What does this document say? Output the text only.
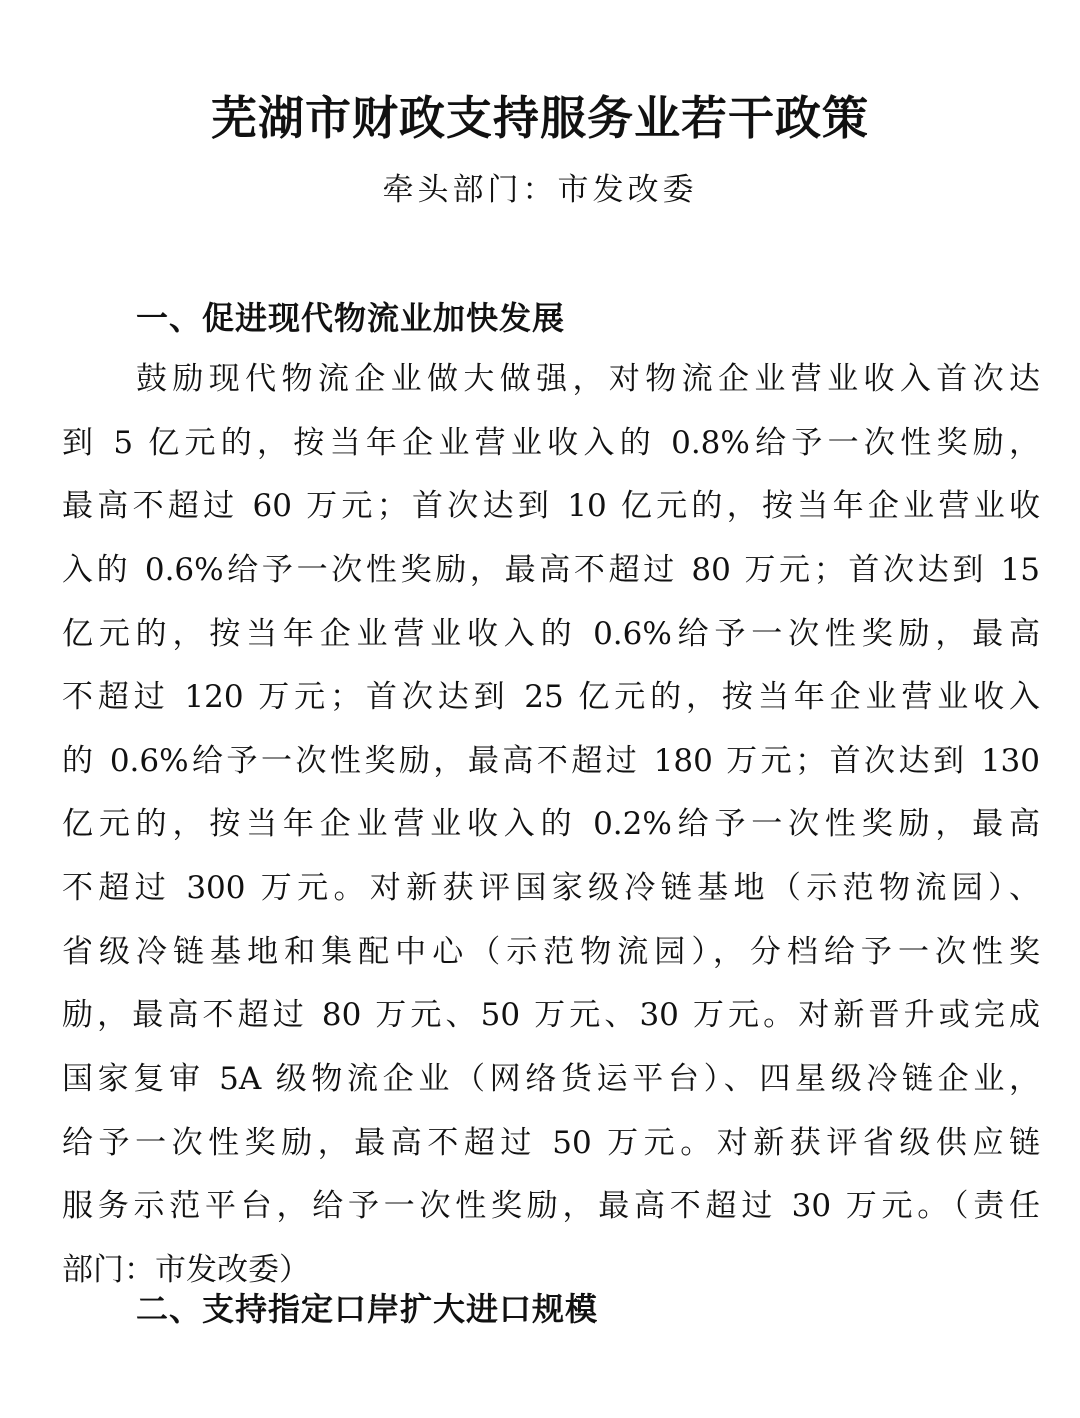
芜湖市财政支持服务业若干政策
牵头部门：市发改委
一、促进现代物流业加快发展
鼓励现代物流企业做大做强，对物流企业营业收入首次达
到 5 亿元的，按当年企业营业收入的 0.8%给予一次性奖励，
最高不超过 60 万元；首次达到 10 亿元的，按当年企业营业收
入的 0.6%给予一次性奖励，最高不超过 80 万元；首次达到 15
亿元的，按当年企业营业收入的 0.6%给予一次性奖励，最高
不超过 120 万元；首次达到 25 亿元的，按当年企业营业收入
的 0.6%给予一次性奖励，最高不超过 180 万元；首次达到 130
亿元的，按当年企业营业收入的 0.2%给予一次性奖励，最高
不超过 300 万元。对新获评国家级冷链基地（示范物流园）、
省级冷链基地和集配中心（示范物流园），分档给予一次性奖
励，最高不超过 80 万元、50 万元、30 万元。对新晋升或完成
国家复审 5A 级物流企业（网络货运平台）、四星级冷链企业，
给予一次性奖励，最高不超过 50 万元。对新获评省级供应链
服务示范平台，给予一次性奖励，最高不超过 30 万元。（责任
部门：市发改委）
二、支持指定口岸扩大进口规模
